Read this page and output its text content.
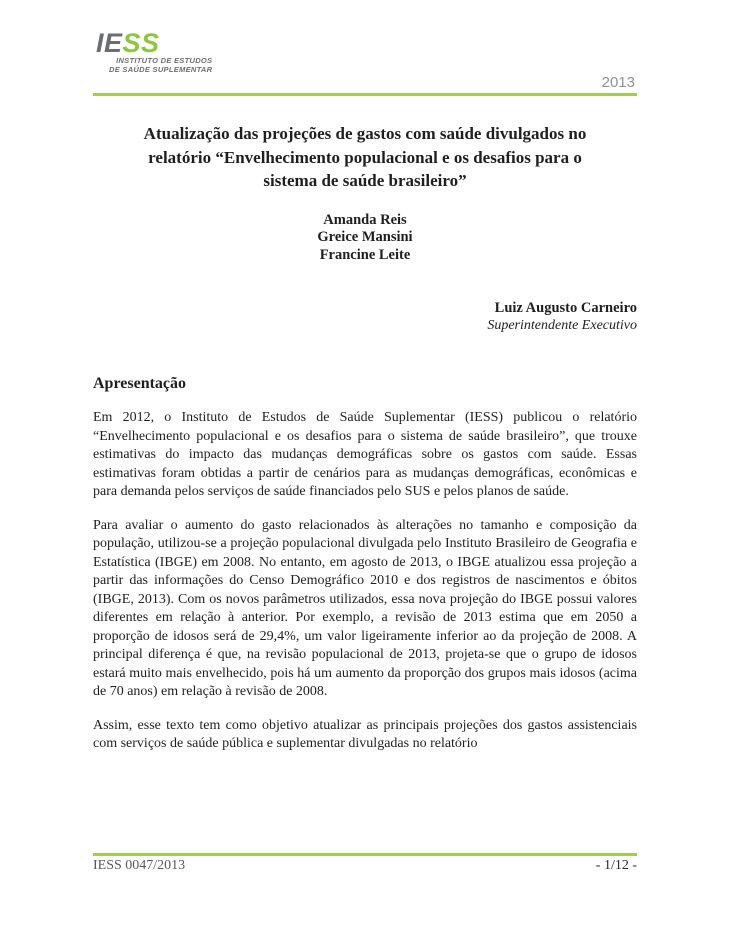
IESS
INSTITUTO DE ESTUDOS
DE SAÚDE SUPLEMENTAR
2013
Atualização das projeções de gastos com saúde divulgados no
relatório “Envelhecimento populacional e os desafios para o
sistema de saúde brasileiro”
Amanda Reis
Greice Mansini
Francine Leite
Luiz Augusto Carneiro
Superintendente Executivo
Apresentação

Em 2012, o Instituto de Estudos de Saúde Suplementar (IESS) publicou o relatório “Envelhecimento populacional e os desafios para o sistema de saúde brasileiro”, que trouxe estimativas do impacto das mudanças demográficas sobre os gastos com saúde. Essas estimativas foram obtidas a partir de cenários para as mudanças demográficas, econômicas e para demanda pelos serviços de saúde financiados pelo SUS e pelos planos de saúde.

Para avaliar o aumento do gasto relacionados às alterações no tamanho e composição da população, utilizou-se a projeção populacional divulgada pelo Instituto Brasileiro de Geografia e Estatística (IBGE) em 2008. No entanto, em agosto de 2013, o IBGE atualizou essa projeção a partir das informações do Censo Demográfico 2010 e dos registros de nascimentos e óbitos (IBGE, 2013). Com os novos parâmetros utilizados, essa nova projeção do IBGE possui valores diferentes em relação à anterior. Por exemplo, a revisão de 2013 estima que em 2050 a proporção de idosos será de 29,4%, um valor ligeiramente inferior ao da projeção de 2008. A principal diferença é que, na revisão populacional de 2013, projeta-se que o grupo de idosos estará muito mais envelhecido, pois há um aumento da proporção dos grupos mais idosos (acima de 70 anos) em relação à revisão de 2008.

Assim, esse texto tem como objetivo atualizar as principais projeções dos gastos assistenciais com serviços de saúde pública e suplementar divulgadas no relatório

IESS 0047/2013	- 1/12 -
